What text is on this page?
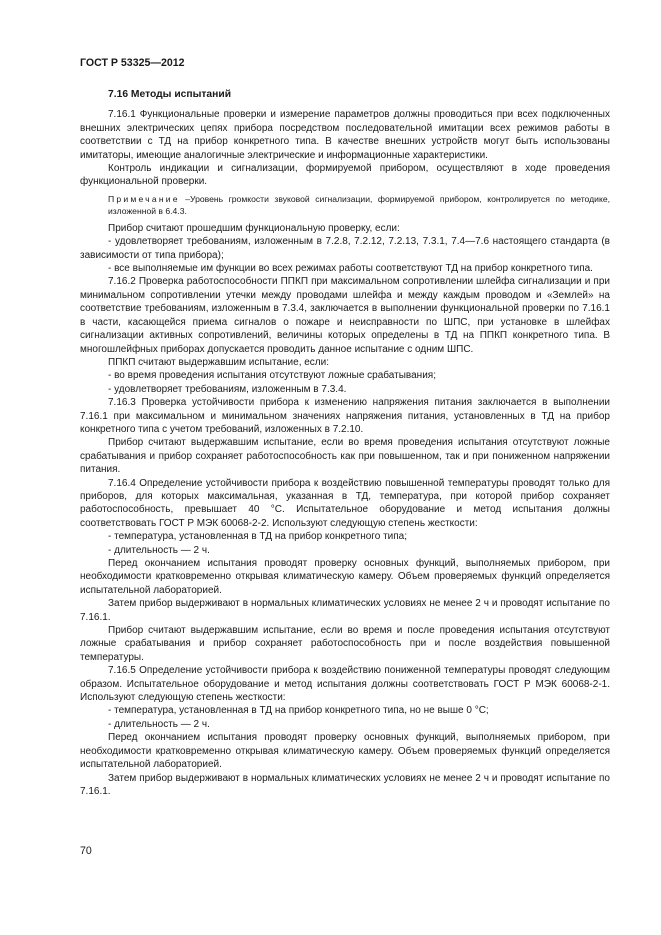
ГОСТ Р 53325—2012
7.16 Методы испытаний

7.16.1 Функциональные проверки и измерение параметров должны проводиться при всех подключенных внешних электрических цепях прибора посредством последовательной имитации всех режимов работы в соответствии с ТД на прибор конкретного типа. В качестве внешних устройств могут быть использованы имитаторы, имеющие аналогичные электрические и информационные характеристики.

Контроль индикации и сигнализации, формируемой прибором, осуществляют в ходе проведения функциональной проверки.

Примечание –Уровень громкости звуковой сигнализации, формируемой прибором, контролируется по методике, изложенной в 6.4.3.

Прибор считают прошедшим функциональную проверку, если:

- удовлетворяет требованиям, изложенным в 7.2.8, 7.2.12, 7.2.13, 7.3.1, 7.4—7.6 настоящего стандарта (в зависимости от типа прибора);

- все выполняемые им функции во всех режимах работы соответствуют ТД на прибор конкретного типа.

7.16.2 Проверка работоспособности ППКП при максимальном сопротивлении шлейфа сигнализации и при минимальном сопротивлении утечки между проводами шлейфа и между каждым проводом и «Землей» на соответствие требованиям, изложенным в 7.3.4, заключается в выполнении функциональной проверки по 7.16.1 в части, касающейся приема сигналов о пожаре и неисправности по ШПС, при установке в шлейфах сигнализации активных сопротивлений, величины которых определены в ТД на ППКП конкретного типа. В многошлейфных приборах допускается проводить данное испытание с одним ШПС.

ППКП считают выдержавшим испытание, если:

- во время проведения испытания отсутствуют ложные срабатывания;

- удовлетворяет требованиям, изложенным в 7.3.4.

7.16.3 Проверка устойчивости прибора к изменению напряжения питания заключается в выполнении 7.16.1 при максимальном и минимальном значениях напряжения питания, установленных в ТД на прибор конкретного типа с учетом требований, изложенных в 7.2.10.

Прибор считают выдержавшим испытание, если во время проведения испытания отсутствуют ложные срабатывания и прибор сохраняет работоспособность как при повышенном, так и при пониженном напряжении питания.

7.16.4 Определение устойчивости прибора к воздействию повышенной температуры проводят только для приборов, для которых максимальная, указанная в ТД, температура, при которой прибор сохраняет работоспособность, превышает 40 °С. Испытательное оборудование и метод испытания должны соответствовать ГОСТ Р МЭК 60068-2-2. Используют следующую степень жесткости:

- температура, установленная в ТД на прибор конкретного типа;

- длительность — 2 ч.

Перед окончанием испытания проводят проверку основных функций, выполняемых прибором, при необходимости кратковременно открывая климатическую камеру. Объем проверяемых функций определяется испытательной лабораторией.

Затем прибор выдерживают в нормальных климатических условиях не менее 2 ч и проводят испытание по 7.16.1.

Прибор считают выдержавшим испытание, если во время и после проведения испытания отсутствуют ложные срабатывания и прибор сохраняет работоспособность при и после воздействия повышенной температуры.

7.16.5 Определение устойчивости прибора к воздействию пониженной температуры проводят следующим образом. Испытательное оборудование и метод испытания должны соответствовать ГОСТ Р МЭК 60068-2-1. Используют следующую степень жесткости:

- температура, установленная в ТД на прибор конкретного типа, но не выше 0 °С;

- длительность — 2 ч.

Перед окончанием испытания проводят проверку основных функций, выполняемых прибором, при необходимости кратковременно открывая климатическую камеру. Объем проверяемых функций определяется испытательной лабораторией.

Затем прибор выдерживают в нормальных климатических условиях не менее 2 ч и проводят испытание по 7.16.1.

70
